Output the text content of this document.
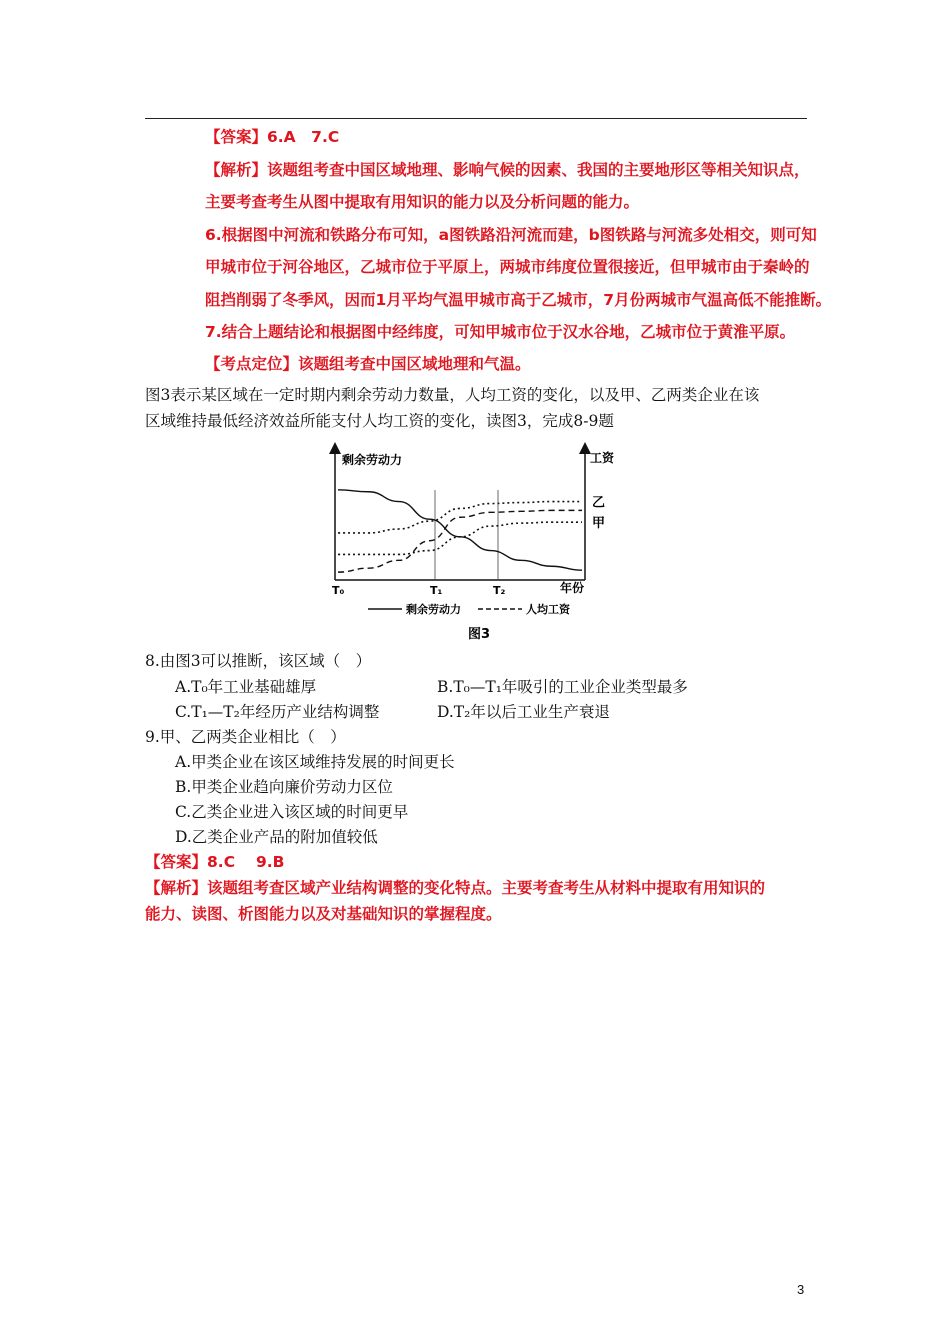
【答案】6.A　7.C
【解析】该题组考查中国区域地理、影响气候的因素、我国的主要地形区等相关知识点，
主要考查考生从图中提取有用知识的能力以及分析问题的能力。
6.根据图中河流和铁路分布可知，a图铁路沿河流而建，b图铁路与河流多处相交，则可知
甲城市位于河谷地区，乙城市位于平原上，两城市纬度位置很接近，但甲城市由于秦岭的
阻挡削弱了冬季风，因而1月平均气温甲城市高于乙城市，7月份两城市气温高低不能推断。
7.结合上题结论和根据图中经纬度，可知甲城市位于汉水谷地，乙城市位于黄淮平原。
【考点定位】该题组考查中国区域地理和气温。
图3表示某区域在一定时期内剩余劳动力数量，人均工资的变化，以及甲、乙两类企业在该
区域维持最低经济效益所能支付人均工资的变化，读图3，完成8-9题
剩余劳动力	工资
乙
甲
T₀	T₁	T₂	年份
剩余劳动力	人均工资
图3
8.由图3可以推断，该区域（　）
A.T₀年工业基础雄厚	B.T₀—T₁年吸引的工业企业类型最多
C.T₁—T₂年经历产业结构调整	D.T₂年以后工业生产衰退
9.甲、乙两类企业相比（　）
A.甲类企业在该区域维持发展的时间更长
B.甲类企业趋向廉价劳动力区位
C.乙类企业进入该区域的时间更早
D.乙类企业产品的附加值较低
【答案】8.C　 9.B
【解析】该题组考查区域产业结构调整的变化特点。主要考查考生从材料中提取有用知识的
能力、读图、析图能力以及对基础知识的掌握程度。
3
